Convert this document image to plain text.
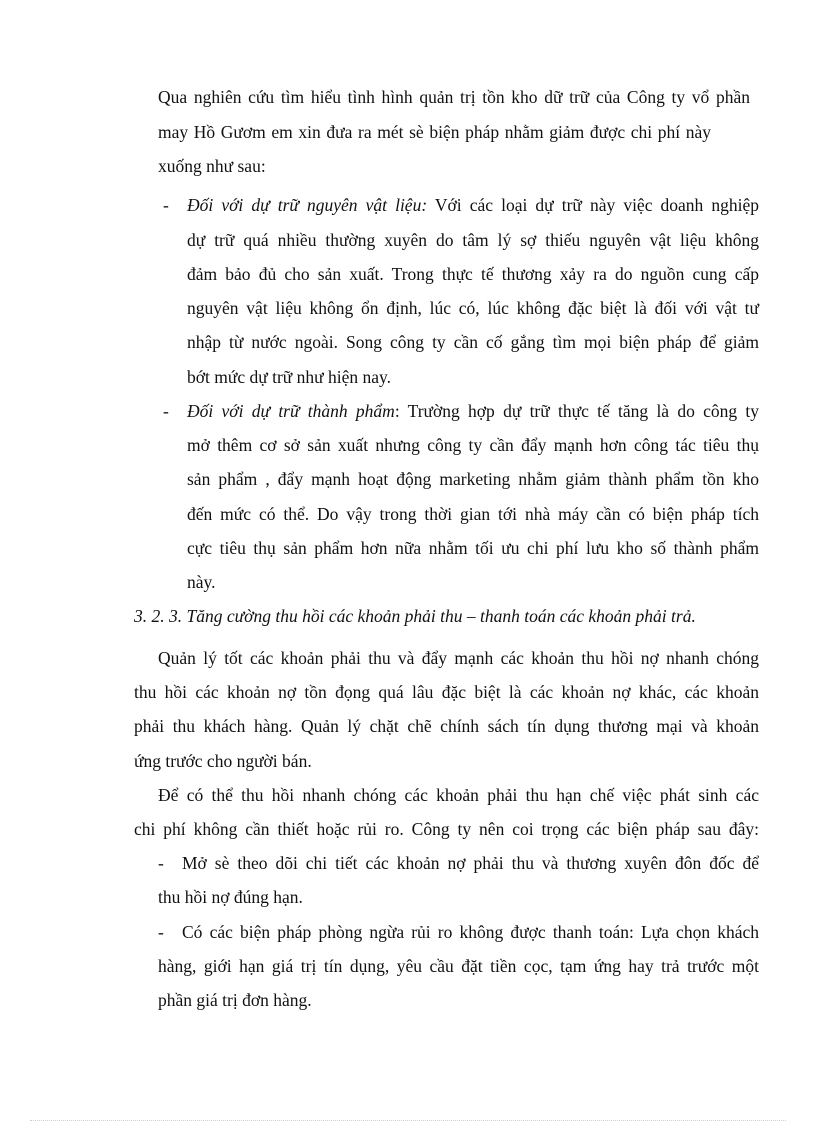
Qua nghiên cứu tìm hiểu tình hình quản trị tồn kho dữ trữ của Công ty vổ phần
may Hồ Gươm em xin đưa ra mét sè biện pháp nhằm giảm được chi phí này
xuống như sau:
- Đối với dự trữ nguyên vật liệu: Với các loại dự trữ này việc doanh nghiệp
dự trữ quá nhiều thường xuyên do tâm lý sợ thiếu nguyên vật liệu không
đảm bảo đủ cho sản xuất. Trong thực tế thương xảy ra do nguồn cung cấp
nguyên vật liệu không ổn định, lúc có, lúc không đặc biệt là đối với vật tư
nhập từ nước ngoài. Song công ty cần cố gắng tìm mọi biện pháp để giảm
bớt mức dự trữ như hiện nay.
- Đối với dự trữ thành phẩm: Trường hợp dự trữ thực tế tăng là do công ty
mở thêm cơ sở sản xuất nhưng công ty cần đẩy mạnh hơn công tác tiêu thụ
sản phẩm , đẩy mạnh hoạt động marketing nhằm giảm thành phẩm tồn kho
đến mức có thể. Do vậy trong thời gian tới nhà máy cần có biện pháp tích
cực tiêu thụ sản phẩm hơn nữa nhằm tối ưu chi phí lưu kho số thành phẩm
này.
3. 2. 3. Tăng cường thu hồi các khoản phải thu – thanh toán các khoản phải trả.
Quản lý tốt các khoản phải thu và đẩy mạnh các khoản thu hồi nợ nhanh chóng
thu hồi các khoản nợ tồn đọng quá lâu đặc biệt là các khoản nợ khác, các khoản
phải thu khách hàng. Quản lý chặt chẽ chính sách tín dụng thương mại và khoản
ứng trước cho người bán.
Để có thể thu hồi nhanh chóng các khoản phải thu hạn chế việc phát sinh các
chi phí không cần thiết hoặc rủi ro. Công ty nên coi trọng các biện pháp sau đây:
- Mở sè theo dõi chi tiết các khoản nợ phải thu và thương xuyên đôn đốc để
thu hồi nợ đúng hạn.
- Có các biện pháp phòng ngừa rủi ro không được thanh toán: Lựa chọn khách
hàng, giới hạn giá trị tín dụng, yêu cầu đặt tiền cọc, tạm ứng hay trả trước một
phần giá trị đơn hàng.
